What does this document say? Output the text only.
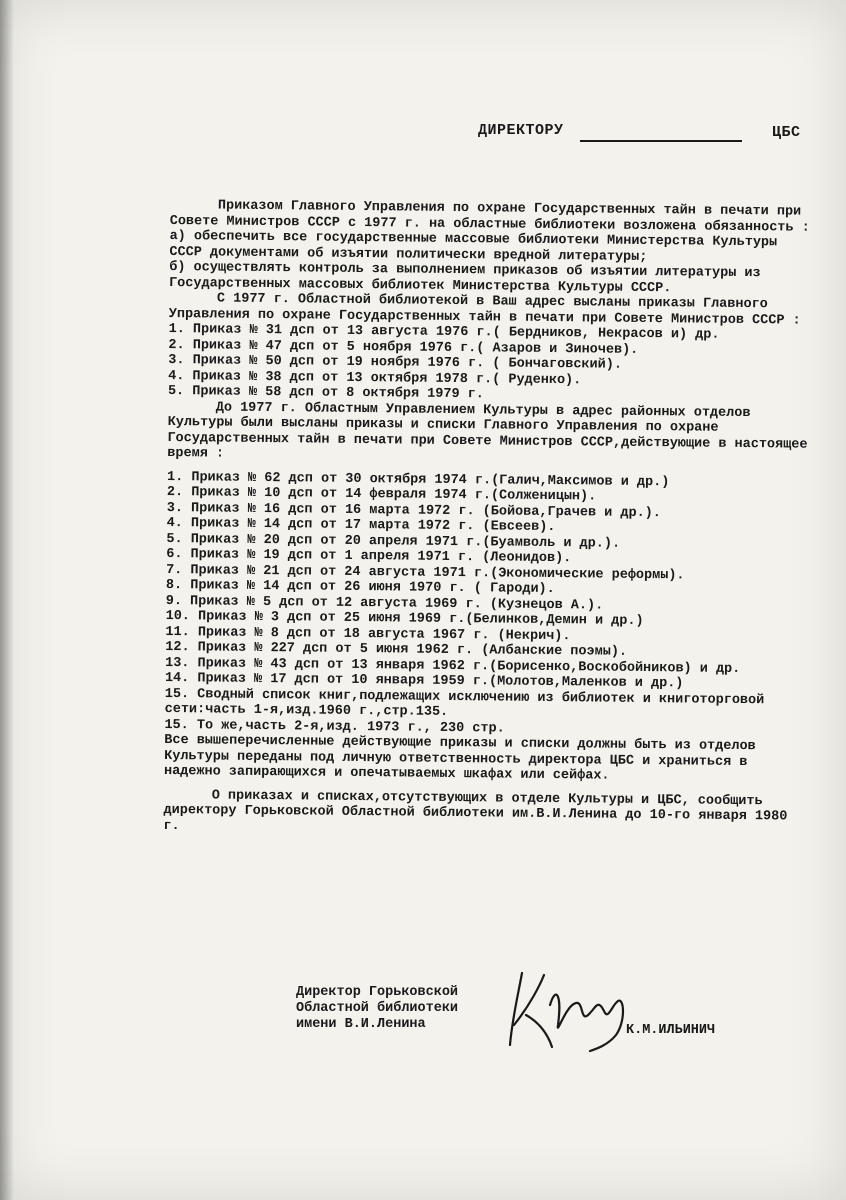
ДИРЕКТОРУ	ЦБС

Приказом Главного Управления по охране Государственных тайн в печати при Совете Министров СССР с 1977 г. на областные библиотеки возложена обязанность :

а) обеспечить все государственные массовые библиотеки Министерства Культуры СССР документами об изъятии политически вредной литературы;

б) осуществлять контроль за выполнением приказов об изъятии литературы из Государственных массовых библиотек Министерства Культуры СССР.

С 1977 г. Областной библиотекой в Ваш адрес высланы приказы Главного Управления по охране Государственных тайн в печати при Совете Министров СССР :

1. Приказ № 31 дсп от 13 августа 1976 г.( Бердников, Некрасов и) др.
2. Приказ № 47 дсп от 5 ноября 1976 г.( Азаров и Зиночев).
3. Приказ № 50 дсп от 19 ноября 1976 г. ( Бончаговский).
4. Приказ № 38 дсп от 13 октября 1978 г.( Руденко).
5. Приказ № 58 дсп от 8 октября 1979 г.

До 1977 г. Областным Управлением Культуры в адрес районных отделов Культуры были высланы приказы и списки Главного Управления по охране Государственных тайн в печати при Совете Министров СССР,действующие в настоящее время :

1. Приказ № 62 дсп от 30 октября 1974 г.(Галич,Максимов и др.)
2. Приказ № 10 дсп от 14 февраля 1974 г.(Солженицын).
3. Приказ № 16 дсп от 16 марта 1972 г. (Бойова,Грачев и др.).
4. Приказ № 14 дсп от 17 марта 1972 г. (Евсеев).
5. Приказ № 20 дсп от 20 апреля 1971 г.(Буамволь и др.).
6. Приказ № 19 дсп от 1 апреля 1971 г. (Леонидов).
7. Приказ № 21 дсп от 24 августа 1971 г.(Экономические реформы).
8. Приказ № 14 дсп от 26 июня 1970 г. ( Гароди).
9. Приказ № 5 дсп от 12 августа 1969 г. (Кузнецов А.).
10. Приказ № 3 дсп от 25 июня 1969 г.(Белинков,Демин и др.)
11. Приказ № 8 дсп от 18 августа 1967 г. (Некрич).
12. Приказ № 227 дсп от 5 июня 1962 г. (Албанские поэмы).
13. Приказ № 43 дсп от 13 января 1962 г.(Борисенко,Воскобойников) и др.
14. Приказ № 17 дсп от 10 января 1959 г.(Молотов,Маленков и др.)
15. Сводный список книг,подлежащих исключению из библиотек и книготорговой сети:часть 1-я,изд.1960 г.,стр.135.
15. То же,часть 2-я,изд. 1973 г., 230 стр.

Все вышеперечисленные действующие приказы и списки должны быть из отделов Культуры переданы под личную ответственность директора ЦБС и храниться в надежно запирающихся и опечатываемых шкафах или сейфах.

О приказах и списках,отсутствующих в отделе Культуры и ЦБС, сообщить директору Горьковской Областной библиотеки им.В.И.Ленина до 10-го января 1980 г.

Директор Горьковской
Областной библиотеки
имени В.И.Ленина	К.М.ИЛЬИНИЧ
